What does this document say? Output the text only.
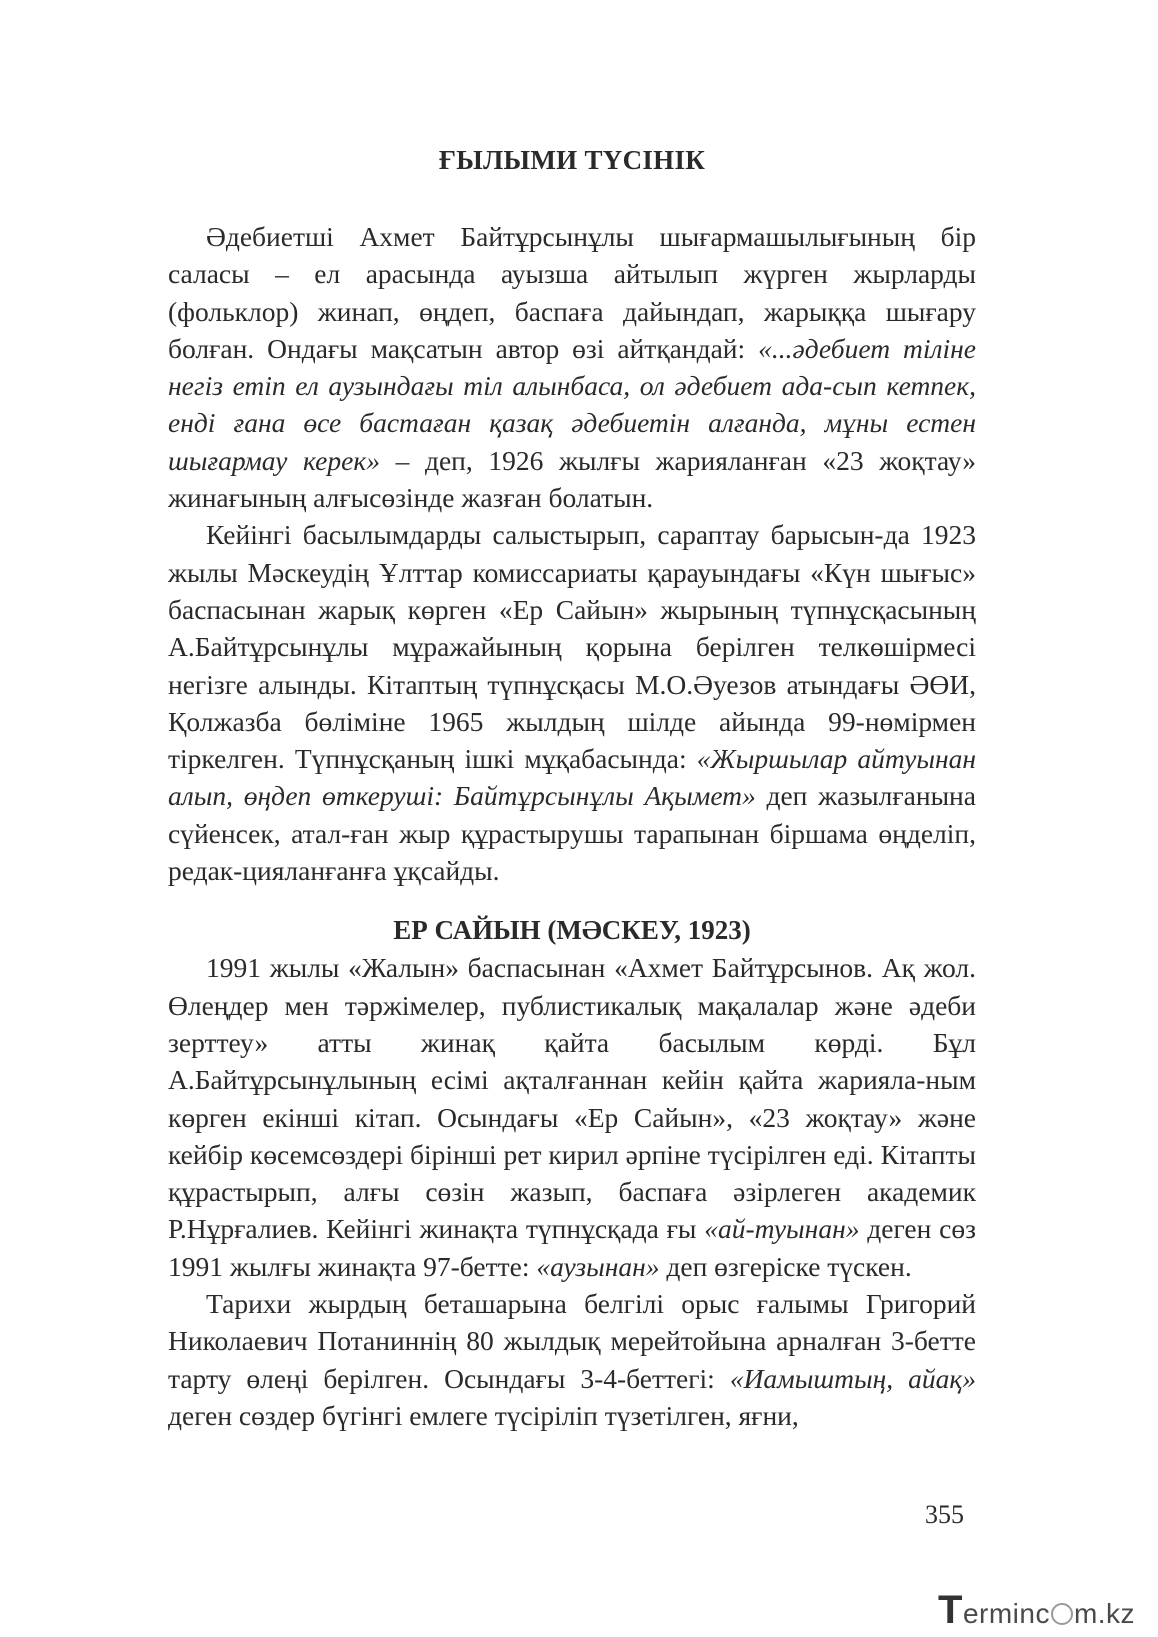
ҒЫЛЫМИ ТҮСІНІК

Әдебиетші Ахмет Байтұрсынұлы шығармашылығының бір саласы – ел арасында ауызша айтылып жүрген жырларды (фольклор) жинап, өңдеп, баспаға дайындап, жарыққа шығару болған. Ондағы мақсатын автор өзі айтқандай: «...әдебиет тіліне негіз етіп ел аузындағы тіл алынбаса, ол әдебиет ада-сып кетпек, енді ғана өсе бастаған қазақ әдебиетін алғанда, мұны естен шығармау керек» – деп, 1926 жылғы жарияланған «23 жоқтау» жинағының алғысөзінде жазған болатын.

Кейінгі басылымдарды салыстырып, сараптау барысын-да 1923 жылы Мәскеудің Ұлттар комиссариаты қарауындағы «Күн шығыс» баспасынан жарық көрген «Ер Сайын» жырының түпнұсқасының А.Байтұрсынұлы мұражайының қорына берілген телкөшірмесі негізге алынды. Кітаптың түпнұсқасы М.О.Әуезов атындағы ӘӨИ, Қолжазба бөліміне 1965 жылдың шілде айында 99-нөмірмен тіркелген. Түпнұсқаның ішкі мұқабасында: «Жыршылар айтуынан алып, өңдеп өткеруші: Байтұрсынұлы Ақымет» деп жазылғанына сүйенсек, атал-ған жыр құрастырушы тарапынан біршама өңделіп, редак-цияланғанға ұқсайды.

ЕР САЙЫН (МӘСКЕУ, 1923)

1991 жылы «Жалын» баспасынан «Ахмет Байтұрсынов. Ақ жол. Өлеңдер мен тәржімелер, публистикалық мақалалар және әдеби зерттеу» атты жинақ қайта басылым көрді. Бұл А.Байтұрсынұлының есімі ақталғаннан кейін қайта жарияла-ным көрген екінші кітап. Осындағы «Ер Сайын», «23 жоқтау» және кейбір көсемсөздері бірінші рет кирил әрпіне түсірілген еді. Кітапты құрастырып, алғы сөзін жазып, баспаға әзірлеген академик Р.Нұрғалиев. Кейінгі жинақта түпнұсқада ғы «ай-туынан» деген сөз 1991 жылғы жинақта 97-бетте: «аузынан» деп өзгеріске түскен.

Тарихи жырдың беташарына белгілі орыс ғалымы Григорий Николаевич Потаниннің 80 жылдық мерейтойына арналған 3-бетте тарту өлеңі берілген. Осындағы 3-4-беттегі: «Иамыштың, айақ» деген сөздер бүгінгі емлеге түсіріліп түзетілген, яғни,

355
Terminc m.kz
